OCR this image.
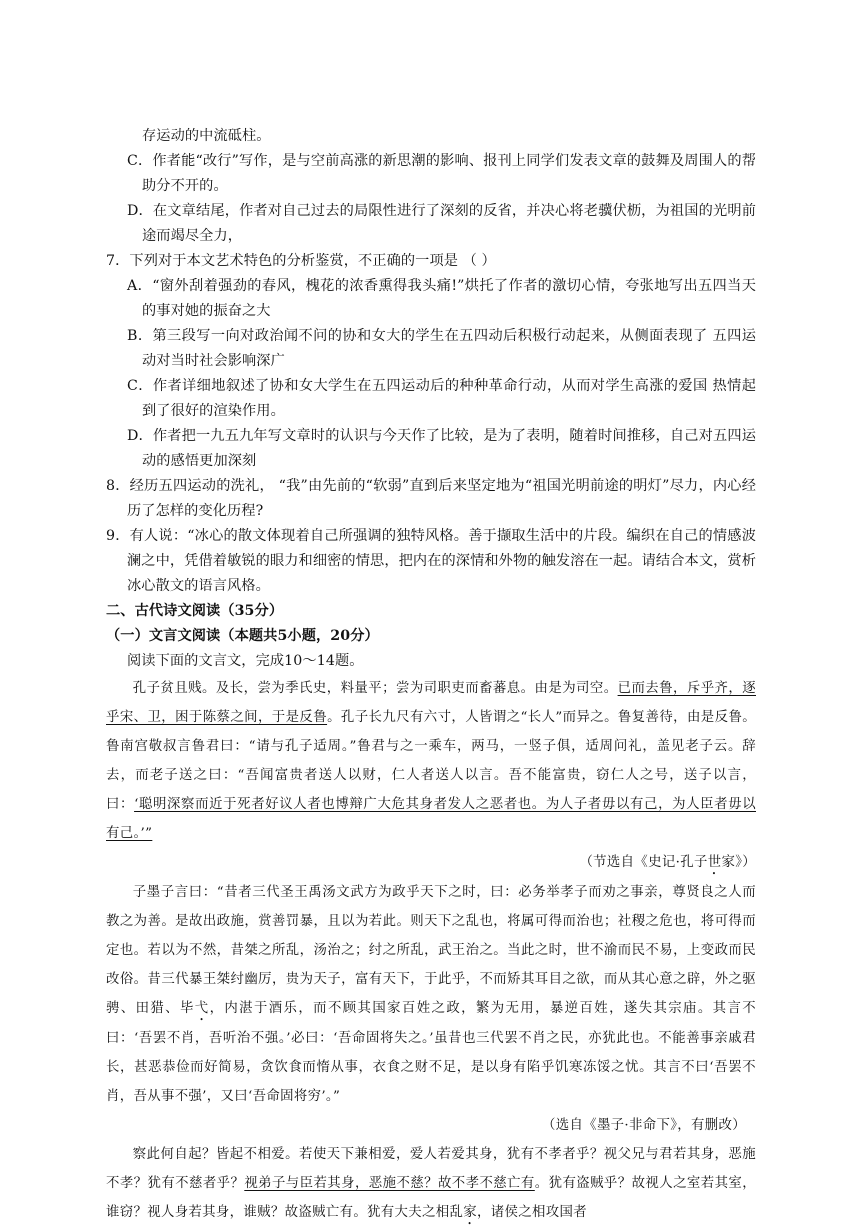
存运动的中流砥柱。

C．作者能“改行”写作，是与空前高涨的新思潮的影响、报刊上同学们发表文章的鼓舞及周围人的帮助分不开的。

D．在文章结尾，作者对自己过去的局限性进行了深刻的反省，并决心将老骥伏枥，为祖国的光明前途而竭尽全力，

7．下列对于本文艺术特色的分析鉴赏，不正确的一项是 （ ）

A．“窗外刮着强劲的春风，槐花的浓香熏得我头痛!”烘托了作者的激切心情，夸张地写出五四当天的事对她的振奋之大

B．第三段写一向对政治闻不问的协和女大的学生在五四动后积极行动起来，从侧面表现了 五四运动对当时社会影响深广

C．作者详细地叙述了协和女大学生在五四运动后的种种革命行动，从而对学生高涨的爱国 热情起到了很好的渲染作用。

D．作者把一九五九年写文章时的认识与今天作了比较，是为了表明，随着时间推移，自己对五四运动的感悟更加深刻

8．经历五四运动的洗礼， “我”由先前的“软弱”直到后来坚定地为“祖国光明前途的明灯”尽力，内心经历了怎样的变化历程?

9．有人说：“冰心的散文体现着自己所强调的独特风格。善于撷取生活中的片段。编织在自己的情感波澜之中，凭借着敏锐的眼力和细密的情思，把内在的深情和外物的触发溶在一起。请结合本文，赏析冰心散文的语言风格。

二、古代诗文阅读（35分）

（一）文言文阅读（本题共5小题，20分）

阅读下面的文言文，完成10～14题。

孔子贫且贱。及长，尝为季氏史，料量平；尝为司职吏而畜蕃息。由是为司空。已而去鲁，斥乎齐，逐乎宋、卫，困于陈蔡之间，于是反鲁。孔子长九尺有六寸，人皆谓之“长人”而异之。鲁复善待，由是反鲁。鲁南宫敬叔言鲁君曰：“请与孔子适周。”鲁君与之一乘车，两马，一竖子俱，适周问礼，盖见老子云。辞去，而老子送之曰：“吾闻富贵者送人以财，仁人者送人以言。吾不能富贵，窃仁人之号，送子以言，曰：‘聪明深察而近于死者好议人者也博辩广大危其身者发人之恶者也。为人子者毋以有己，为人臣者毋以有己。’”

（节选自《史记·孔子世家》）

子墨子言曰：“昔者三代圣王禹汤文武方为政乎天下之时，曰：必务举孝子而劝之事亲，尊贤良之人而教之为善。是故出政施，赏善罚暴，且以为若此。则天下之乱也，将属可得而治也；社稷之危也，将可得而定也。若以为不然，昔桀之所乱，汤治之；纣之所乱，武王治之。当此之时，世不渝而民不易，上变政而民改俗。昔三代暴王桀纣幽厉，贵为天子，富有天下，于此乎，不而矫其耳目之欲，而从其心意之辟，外之驱骋、田猎、毕弋，内湛于酒乐，而不顾其国家百姓之政，繁为无用，暴逆百姓，遂失其宗庙。其言不曰：‘吾罢不肖，吾听治不强。’必曰：‘吾命固将失之。’虽昔也三代罢不肖之民，亦犹此也。不能善事亲戚君长，甚恶恭俭而好简易，贪饮食而惰从事，衣食之财不足，是以身有陷乎饥寒冻馁之忧。其言不曰‘吾罢不肖，吾从事不强’，又曰‘吾命固将穷’。”

（选自《墨子·非命下》，有删改）

察此何自起？皆起不相爱。若使天下兼相爱，爱人若爱其身，犹有不孝者乎？视父兄与君若其身，恶施不孝？犹有不慈者乎？视弟子与臣若其身，恶施不慈？故不孝不慈亡有。犹有盗贼乎？故视人之室若其室，谁窃？视人身若其身，谁贼？故盗贼亡有。犹有大夫之相乱家，诸侯之相攻国者
